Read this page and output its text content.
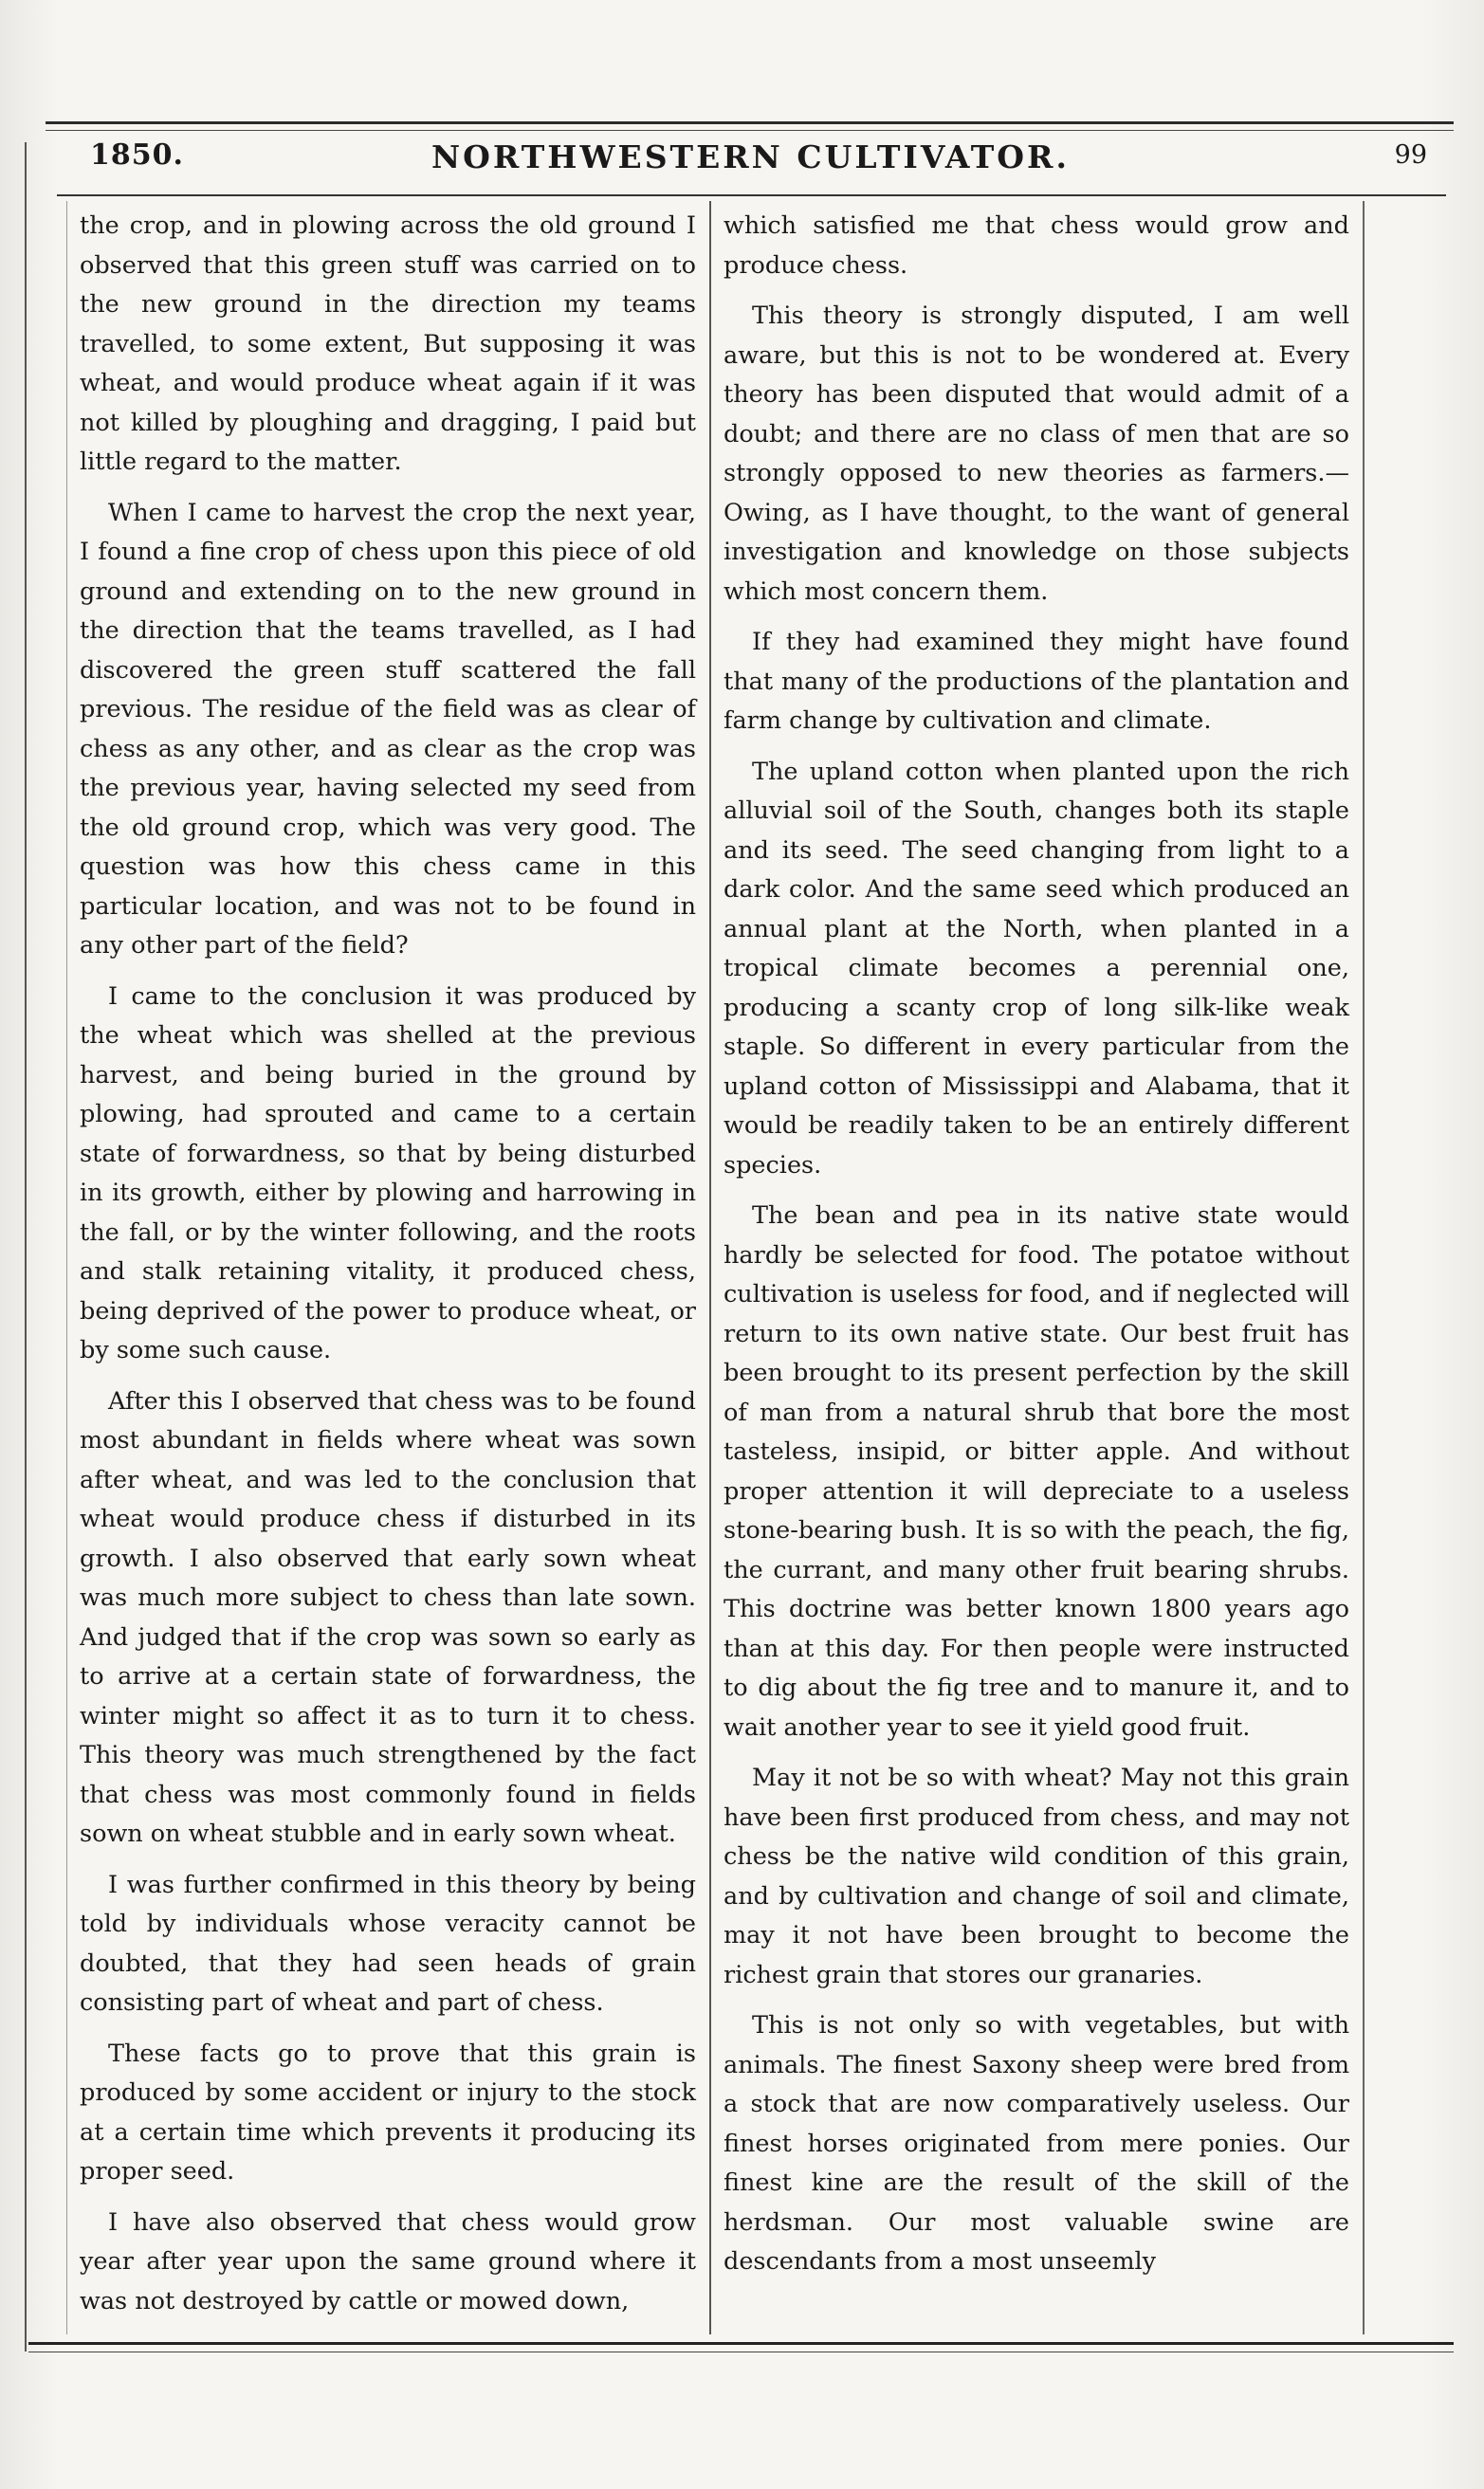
1850.	NORTHWESTERN CULTIVATOR.	99

the crop, and in plowing across the old ground I observed that this green stuff was carried on to the new ground in the direction my teams travelled, to some extent, But supposing it was wheat, and would produce wheat again if it was not killed by ploughing and dragging, I paid but little regard to the matter.

When I came to harvest the crop the next year, I found a fine crop of chess upon this piece of old ground and extending on to the new ground in the direction that the teams travelled, as I had discovered the green stuff scattered the fall previous. The residue of the field was as clear of chess as any other, and as clear as the crop was the previous year, having selected my seed from the old ground crop, which was very good. The question was how this chess came in this particular location, and was not to be found in any other part of the field?

I came to the conclusion it was produced by the wheat which was shelled at the previous harvest, and being buried in the ground by plowing, had sprouted and came to a certain state of forwardness, so that by being disturbed in its growth, either by plowing and harrowing in the fall, or by the winter following, and the roots and stalk retaining vitality, it produced chess, being deprived of the power to produce wheat, or by some such cause.

After this I observed that chess was to be found most abundant in fields where wheat was sown after wheat, and was led to the conclusion that wheat would produce chess if disturbed in its growth. I also observed that early sown wheat was much more subject to chess than late sown. And judged that if the crop was sown so early as to arrive at a certain state of forwardness, the winter might so affect it as to turn it to chess. This theory was much strengthened by the fact that chess was most commonly found in fields sown on wheat stubble and in early sown wheat.

I was further confirmed in this theory by being told by individuals whose veracity cannot be doubted, that they had seen heads of grain consisting part of wheat and part of chess.

These facts go to prove that this grain is produced by some accident or injury to the stock at a certain time which prevents it producing its proper seed.

I have also observed that chess would grow year after year upon the same ground where it was not destroyed by cattle or mowed down,

which satisfied me that chess would grow and produce chess.

This theory is strongly disputed, I am well aware, but this is not to be wondered at. Every theory has been disputed that would admit of a doubt; and there are no class of men that are so strongly opposed to new theories as farmers.— Owing, as I have thought, to the want of general investigation and knowledge on those subjects which most concern them.

If they had examined they might have found that many of the productions of the plantation and farm change by cultivation and climate.

The upland cotton when planted upon the rich alluvial soil of the South, changes both its staple and its seed. The seed changing from light to a dark color. And the same seed which produced an annual plant at the North, when planted in a tropical climate becomes a perennial one, producing a scanty crop of long silk-like weak staple. So different in every particular from the upland cotton of Mississippi and Alabama, that it would be readily taken to be an entirely different species.

The bean and pea in its native state would hardly be selected for food. The potatoe without cultivation is useless for food, and if neglected will return to its own native state. Our best fruit has been brought to its present perfection by the skill of man from a natural shrub that bore the most tasteless, insipid, or bitter apple. And without proper attention it will depreciate to a useless stone-bearing bush. It is so with the peach, the fig, the currant, and many other fruit bearing shrubs. This doctrine was better known 1800 years ago than at this day. For then people were instructed to dig about the fig tree and to manure it, and to wait another year to see it yield good fruit.

May it not be so with wheat? May not this grain have been first produced from chess, and may not chess be the native wild condition of this grain, and by cultivation and change of soil and climate, may it not have been brought to become the richest grain that stores our granaries.

This is not only so with vegetables, but with animals. The finest Saxony sheep were bred from a stock that are now comparatively useless. Our finest horses originated from mere ponies. Our finest kine are the result of the skill of the herdsman. Our most valuable swine are descendants from a most unseemly
